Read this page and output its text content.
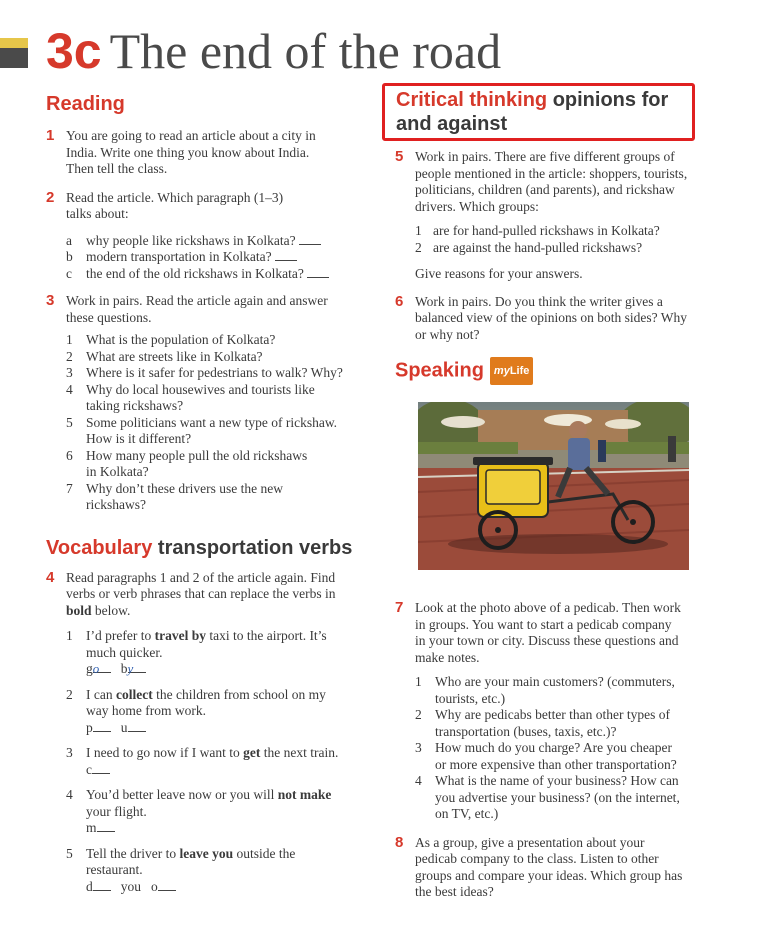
3c The end of the road
Reading
1 You are going to read an article about a city in
India. Write one thing you know about India.
Then tell the class.
2 Read the article. Which paragraph (1–3)
talks about:
a why people like rickshaws in Kolkata?
b modern transportation in Kolkata?
c the end of the old rickshaws in Kolkata?
3 Work in pairs. Read the article again and answer
these questions.
1 What is the population of Kolkata?
2 What are streets like in Kolkata?
3 Where is it safer for pedestrians to walk? Why?
4 Why do local housewives and tourists like
taking rickshaws?
5 Some politicians want a new type of rickshaw.
How is it different?
6 How many people pull the old rickshaws
in Kolkata?
7 Why don’t these drivers use the new
rickshaws?
Vocabulary transportation verbs
4 Read paragraphs 1 and 2 of the article again. Find
verbs or verb phrases that can replace the verbs in
bold below.
1 I’d prefer to travel by taxi to the airport. It’s
much quicker.
go	by
2 I can collect the children from school on my
way home from work.
p	u
3 I need to go now if I want to get the next train.
c
4 You’d better leave now or you will not make
your flight.
m
5 Tell the driver to leave you outside the
restaurant.
d	you o
Critical thinking opinions for
and against
5 Work in pairs. There are five different groups of
people mentioned in the article: shoppers, tourists,
politicians, children (and parents), and rickshaw
drivers. Which groups:
1 are for hand-pulled rickshaws in Kolkata?
2 are against the hand-pulled rickshaws?
Give reasons for your answers.
6 Work in pairs. Do you think the writer gives a
balanced view of the opinions on both sides? Why
or why not?
Speaking myLife
7 Look at the photo above of a pedicab. Then work
in groups. You want to start a pedicab company
in your town or city. Discuss these questions and
make notes.
1 Who are your main customers? (commuters,
tourists, etc.)
2 Why are pedicabs better than other types of
transportation (buses, taxis, etc.)?
3 How much do you charge? Are you cheaper
or more expensive than other transportation?
4 What is the name of your business? How can
you advertise your business? (on the internet,
on TV, etc.)
8 As a group, give a presentation about your
pedicab company to the class. Listen to other
groups and compare your ideas. Which group has
the best ideas?
